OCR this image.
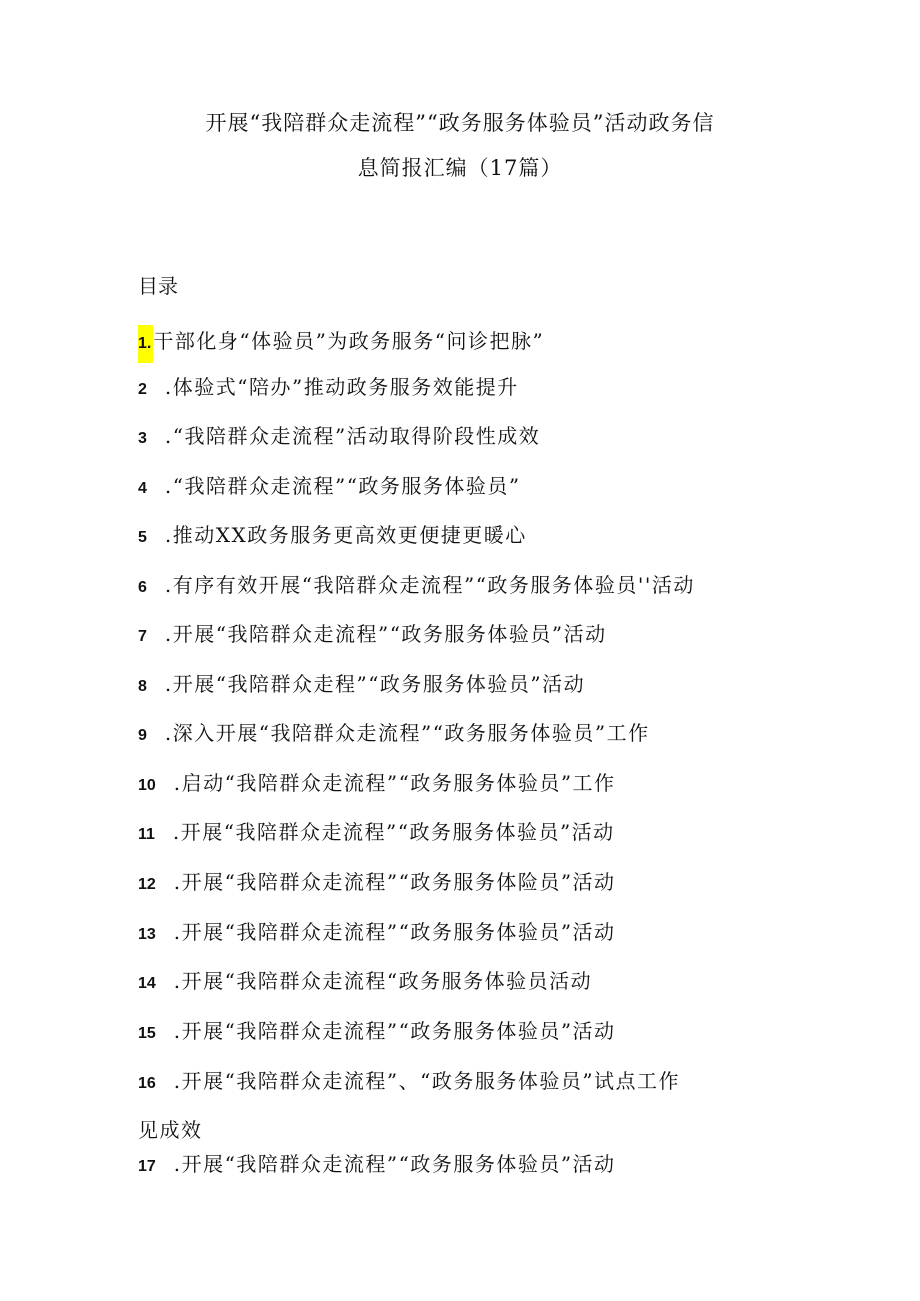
开展“我陪群众走流程”“政务服务体验员”活动政务信
息简报汇编（17篇）
目录
1. 干部化身“体验员”为政务服务“问诊把脉”
2 .体验式“陪办”推动政务服务效能提升
3 .“我陪群众走流程”活动取得阶段性成效
4 .“我陪群众走流程”“政务服务体验员”
5 .推动XX政务服务更高效更便捷更暖心
6 .有序有效开展“我陪群众走流程”“政务服务体验员''活动
7 .开展“我陪群众走流程”“政务服务体验员”活动
8 .开展“我陪群众走程”“政务服务体验员”活动
9 .深入开展“我陪群众走流程”“政务服务体验员”工作
10 .启动“我陪群众走流程”“政务服务体验员”工作
11 .开展“我陪群众走流程”“政务服务体验员”活动
12 .开展“我陪群众走流程”“政务服务体险员”活动
13 .开展“我陪群众走流程”“政务服务体验员”活动
14 .开展“我陪群众走流程“政务服务体验员活动
15 .开展“我陪群众走流程”“政务服务体验员”活动
16 .开展“我陪群众走流程”、“政务服务体验员”试点工作
见成效
17 .开展“我陪群众走流程”“政务服务体验员”活动
